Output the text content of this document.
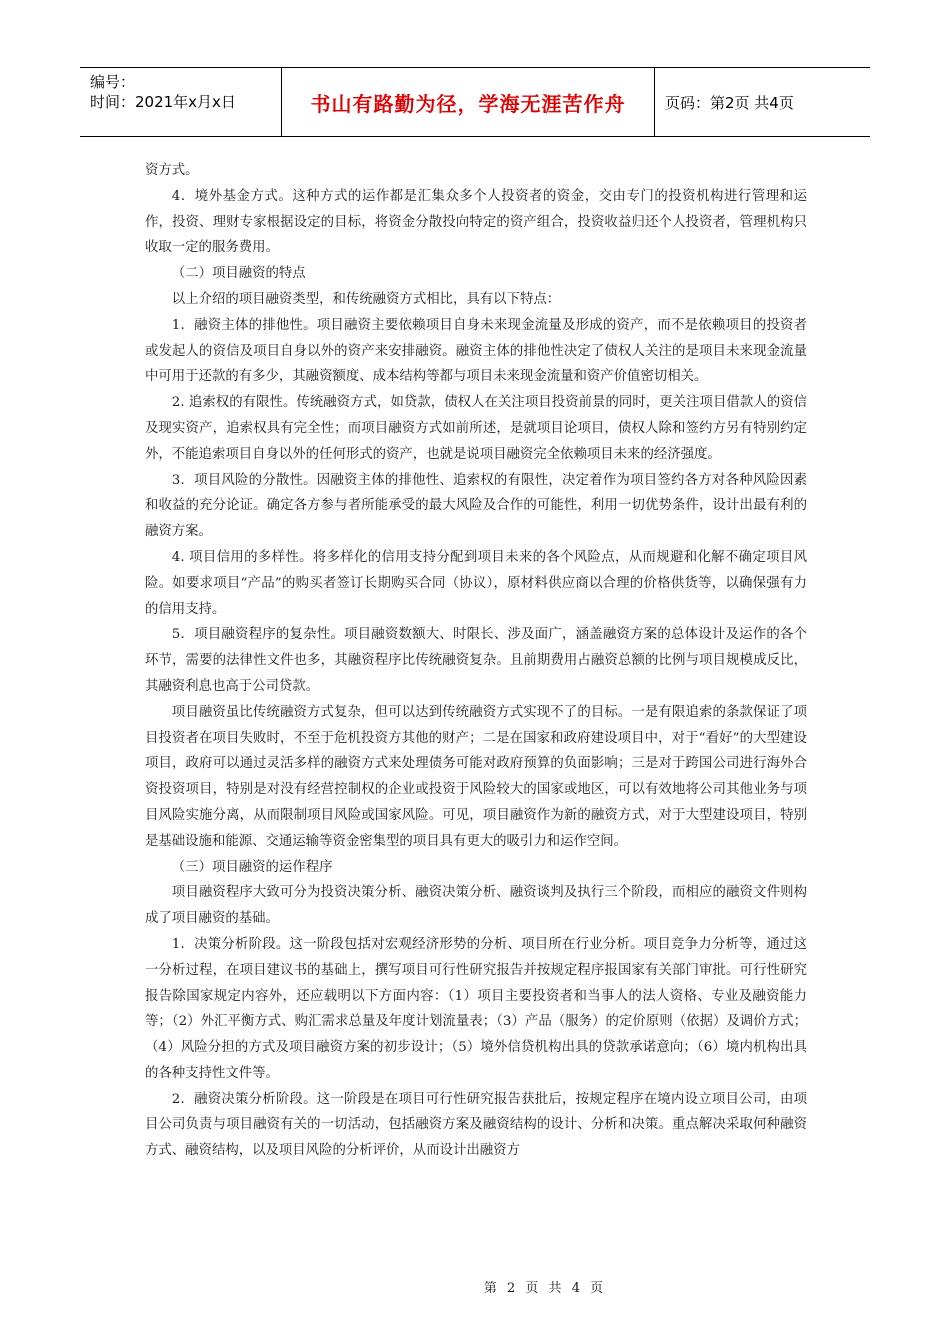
编号：
时间：2021年x月x日	书山有路勤为径，学海无涯苦作舟	页码：第2页 共4页

资方式。

4．境外基金方式。这种方式的运作都是汇集众多个人投资者的资金，交由专门的投资机构进行管理和运作，投资、理财专家根据设定的目标，将资金分散投向特定的资产组合，投资收益归还个人投资者，管理机构只收取一定的服务费用。

（二）项目融资的特点

以上介绍的项目融资类型，和传统融资方式相比，具有以下特点：

1．融资主体的排他性。项目融资主要依赖项目自身未来现金流量及形成的资产，而不是依赖项目的投资者或发起人的资信及项目自身以外的资产来安排融资。融资主体的排他性决定了债权人关注的是项目未来现金流量中可用于还款的有多少，其融资额度、成本结构等都与项目未来现金流量和资产价值密切相关。

2. 追索权的有限性。传统融资方式，如贷款，债权人在关注项目投资前景的同时，更关注项目借款人的资信及现实资产，追索权具有完全性；而项目融资方式如前所述，是就项目论项目，债权人除和签约方另有特别约定外，不能追索项目自身以外的任何形式的资产，也就是说项目融资完全依赖项目未来的经济强度。

3．项目风险的分散性。因融资主体的排他性、追索权的有限性，决定着作为项目签约各方对各种风险因素和收益的充分论证。确定各方参与者所能承受的最大风险及合作的可能性，利用一切优势条件，设计出最有利的融资方案。

4. 项目信用的多样性。将多样化的信用支持分配到项目未来的各个风险点，从而规避和化解不确定项目风险。如要求项目“产品”的购买者签订长期购买合同（协议），原材料供应商以合理的价格供货等，以确保强有力的信用支持。

5．项目融资程序的复杂性。项目融资数额大、时限长、涉及面广，涵盖融资方案的总体设计及运作的各个环节，需要的法律性文件也多，其融资程序比传统融资复杂。且前期费用占融资总额的比例与项目规模成反比，其融资利息也高于公司贷款。

项目融资虽比传统融资方式复杂，但可以达到传统融资方式实现不了的目标。一是有限追索的条款保证了项目投资者在项目失败时，不至于危机投资方其他的财产；二是在国家和政府建设项目中，对于“看好”的大型建设项目，政府可以通过灵活多样的融资方式来处理债务可能对政府预算的负面影响；三是对于跨国公司进行海外合资投资项目，特别是对没有经营控制权的企业或投资于风险较大的国家或地区，可以有效地将公司其他业务与项目风险实施分离，从而限制项目风险或国家风险。可见，项目融资作为新的融资方式，对于大型建设项目，特别是基础设施和能源、交通运输等资金密集型的项目具有更大的吸引力和运作空间。

（三）项目融资的运作程序

项目融资程序大致可分为投资决策分析、融资决策分析、融资谈判及执行三个阶段，而相应的融资文件则构成了项目融资的基础。

1．决策分析阶段。这一阶段包括对宏观经济形势的分析、项目所在行业分析。项目竞争力分析等，通过这一分析过程，在项目建议书的基础上，撰写项目可行性研究报告并按规定程序报国家有关部门审批。可行性研究报告除国家规定内容外，还应载明以下方面内容：（1）项目主要投资者和当事人的法人资格、专业及融资能力等；（2）外汇平衡方式、购汇需求总量及年度计划流量表；（3）产品（服务）的定价原则（依据）及调价方式；（4）风险分担的方式及项目融资方案的初步设计；（5）境外信贷机构出具的贷款承诺意向；（6）境内机构出具的各种支持性文件等。

2．融资决策分析阶段。这一阶段是在项目可行性研究报告获批后，按规定程序在境内设立项目公司，由项目公司负责与项目融资有关的一切活动，包括融资方案及融资结构的设计、分析和决策。重点解决采取何种融资方式、融资结构，以及项目风险的分析评价，从而设计出融资方

第 2 页 共 4 页
